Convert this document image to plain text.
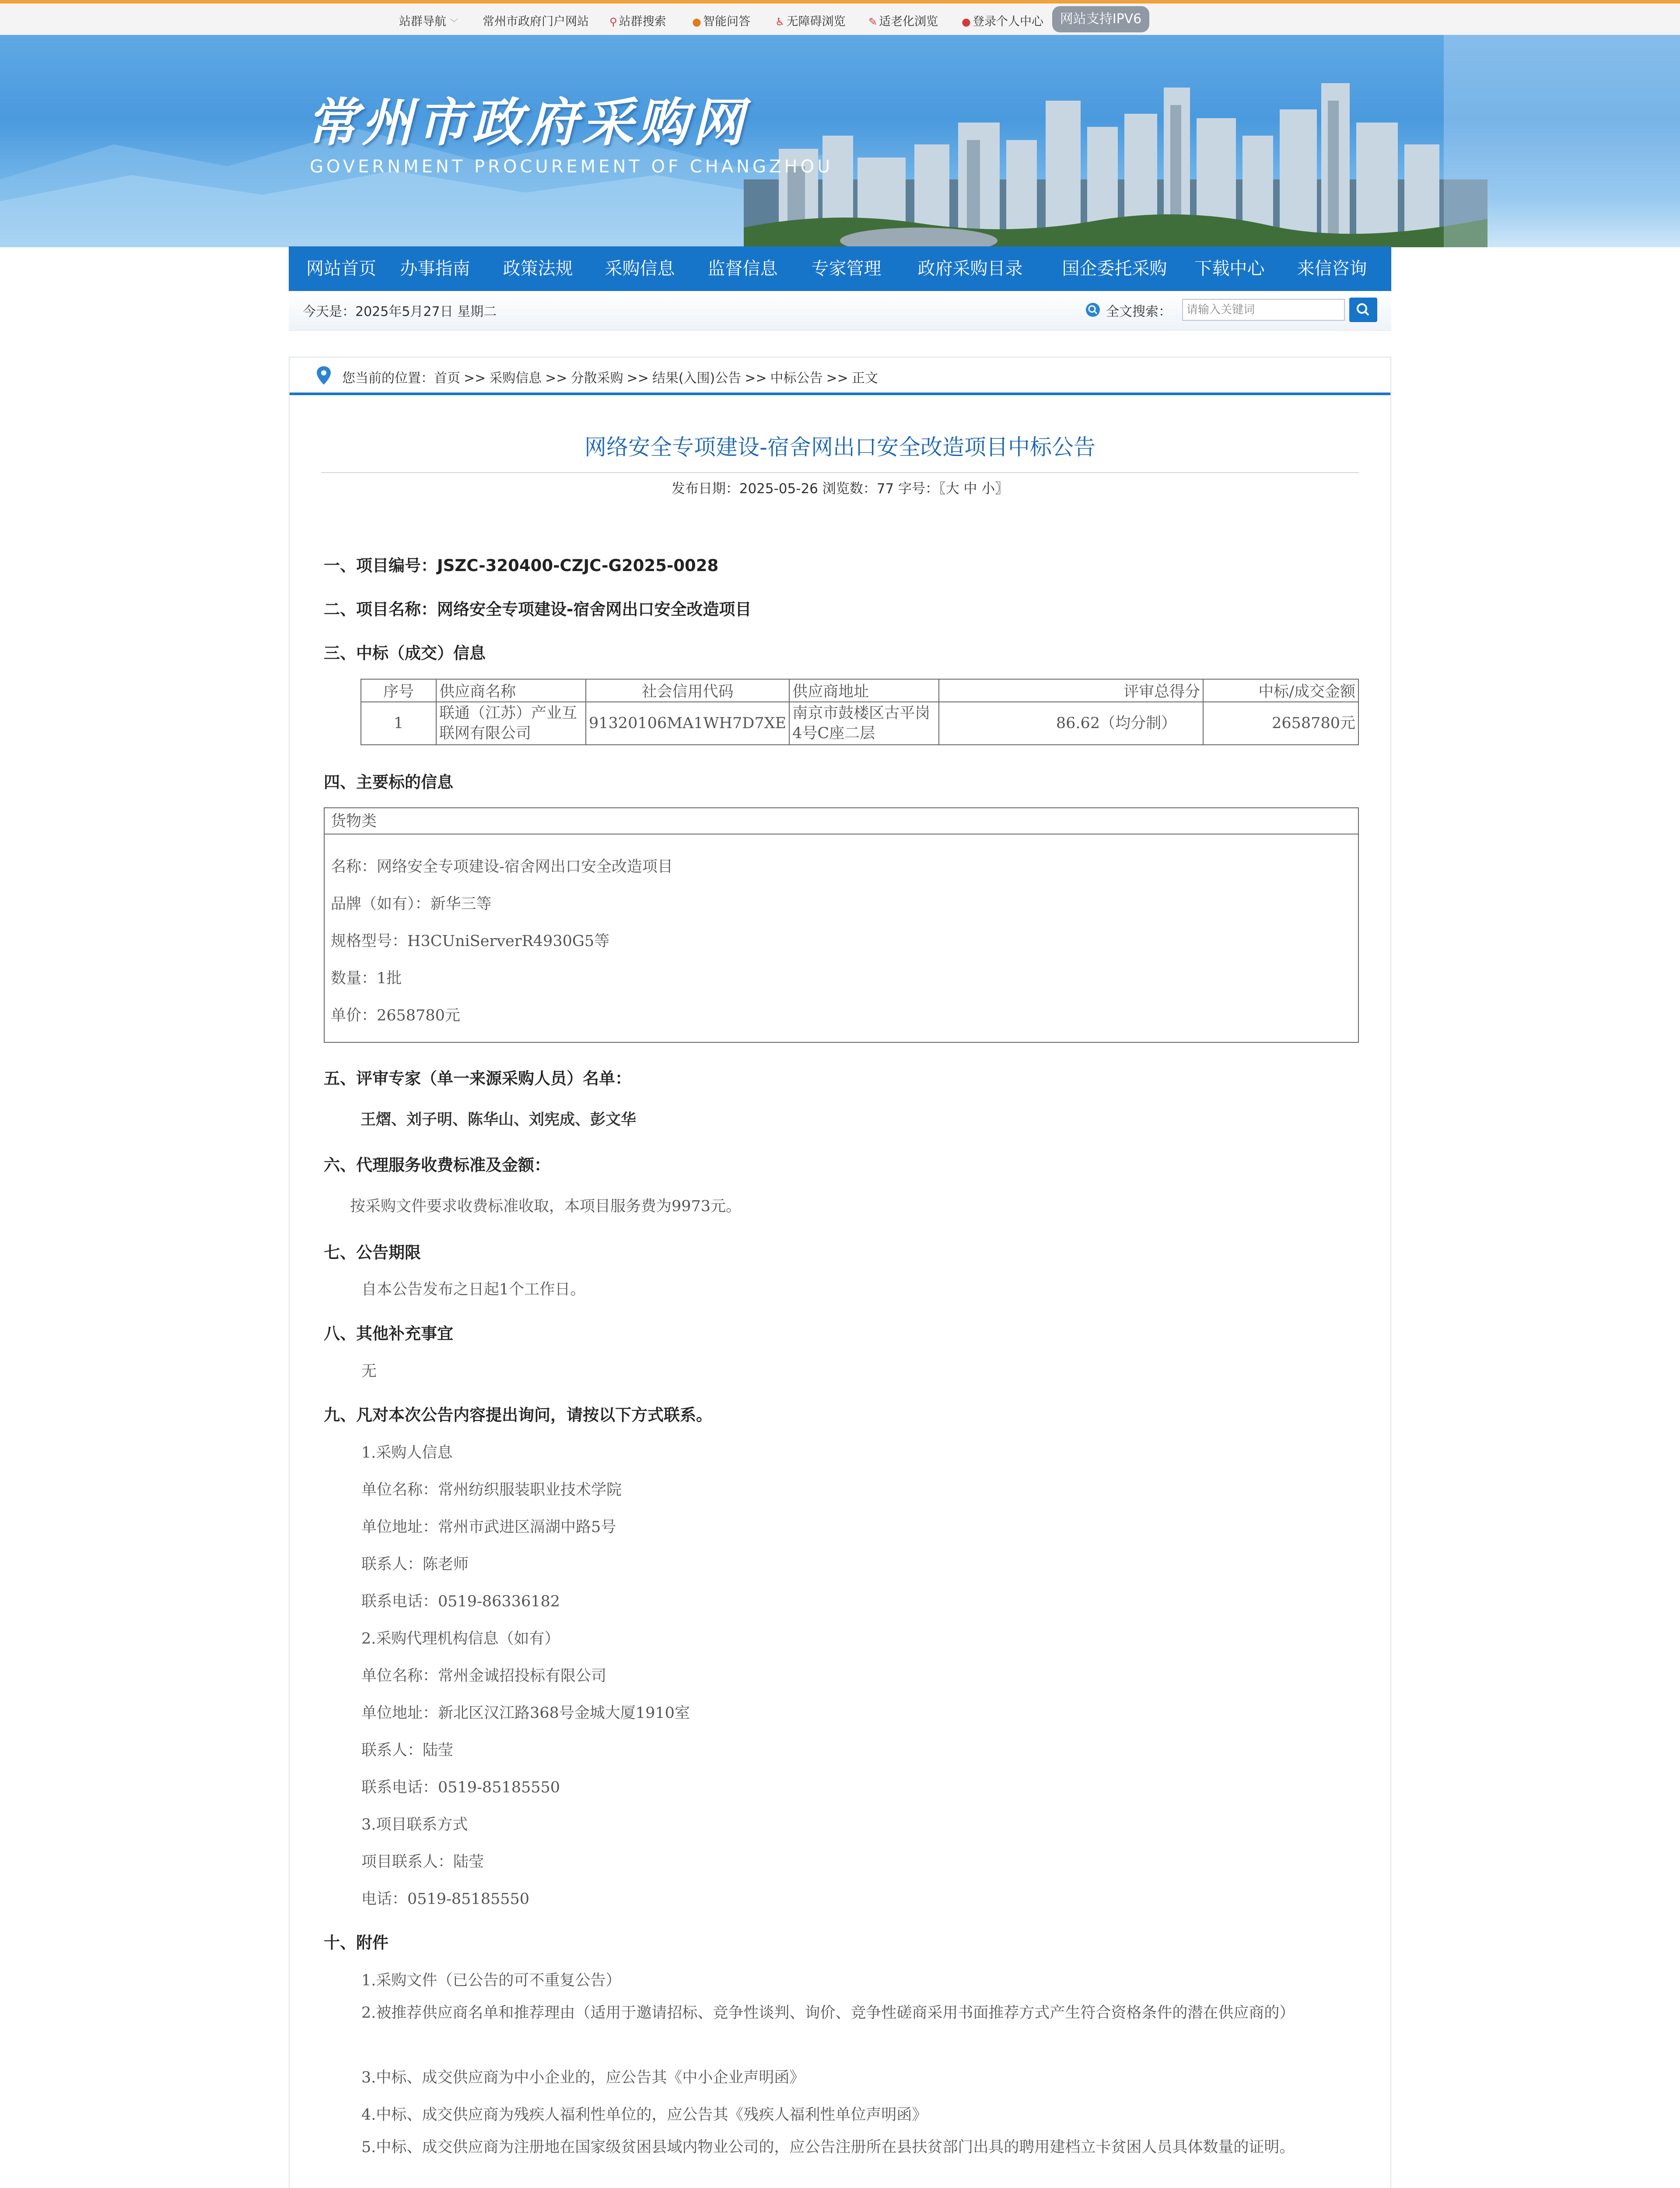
站群导航 ﹀ 常州市政府门户网站 ⚲ 站群搜索 ● 智能问答 ♿ 无障碍浏览 ✎ 适老化浏览 ● 登录个人中心	网站支持IPV6
常州市政府采购网
GOVERNMENT PROCUREMENT OF CHANGZHOU
网站首页	办事指南 政策法规 采购信息 监督信息 专家管理	政府采购目录	国企委托采购	下载中心 来信咨询
今天是：2025年5月27日 星期二	全文搜索：
请输入关键词
您当前的位置：首页 >> 采购信息 >> 分散采购 >> 结果(入围)公告 >> 中标公告 >> 正文
网络安全专项建设-宿舍网出口安全改造项目中标公告
发布日期：2025-05-26 浏览数：77 字号：〖大 中 小〗
一、项目编号：JSZC-320400-CZJC-G2025-0028
二、项目名称：网络安全专项建设-宿舍网出口安全改造项目
三、中标（成交）信息
序号	供应商名称	社会信用代码	供应商地址	评审总得分	中标/成交金额
1	联通（江苏）产业互联网有限公司	91320106MA1WH7D7XE	南京市鼓楼区古平岗4号C座二层	86.62（均分制）	2658780元
四、主要标的信息
货物类
名称：网络安全专项建设-宿舍网出口安全改造项目
品牌（如有）：新华三等
规格型号：H3CUniServerR4930G5等
数量：1批
单价：2658780元
五、评审专家（单一来源采购人员）名单：
王熠、刘子明、陈华山、刘宪成、彭文华
六、代理服务收费标准及金额：
按采购文件要求收费标准收取，本项目服务费为9973元。
七、公告期限
自本公告发布之日起1个工作日。
八、其他补充事宜
无
九、凡对本次公告内容提出询问，请按以下方式联系。
1.采购人信息
单位名称：常州纺织服装职业技术学院
单位地址：常州市武进区滆湖中路5号
联系人：陈老师
联系电话：0519-86336182
2.采购代理机构信息（如有）
单位名称：常州金诚招投标有限公司
单位地址：新北区汉江路368号金城大厦1910室
联系人：陆莹
联系电话：0519-85185550
3.项目联系方式
项目联系人：陆莹
电话：0519-85185550
十、附件
1.采购文件（已公告的可不重复公告）
2.被推荐供应商名单和推荐理由（适用于邀请招标、竞争性谈判、询价、竞争性磋商采用书面推荐方式产生符合资格条件的潜在供应商的）
3.中标、成交供应商为中小企业的，应公告其《中小企业声明函》
4.中标、成交供应商为残疾人福利性单位的，应公告其《残疾人福利性单位声明函》
5.中标、成交供应商为注册地在国家级贫困县域内物业公司的，应公告注册所在县扶贫部门出具的聘用建档立卡贫困人员具体数量的证明。
